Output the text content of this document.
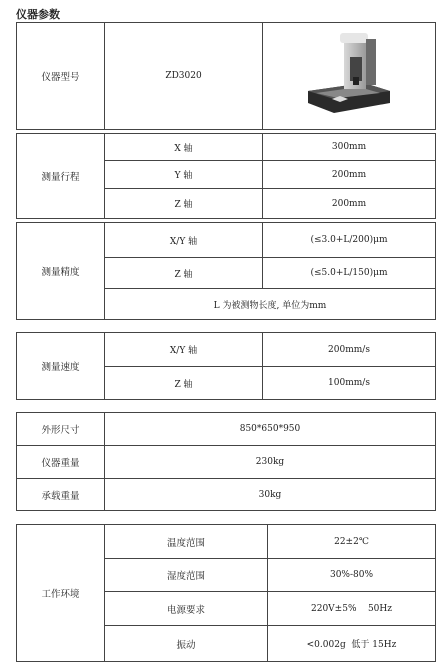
仪器参数
仪器型号	ZD3020
测量行程
X 轴	300mm
Y 轴	200mm
Z 轴	200mm
测量精度
X/Y 轴	(≤3.0+L/200)μm
Z 轴	(≤5.0+L/150)μm
L 为被测物长度, 单位为mm
测量速度
X/Y 轴	200mm/s
Z 轴	100mm/s
外形尺寸	850*650*950
仪器重量	230kg
承载重量	30kg
工作环境
温度范围	22±2℃
湿度范围	30%-80%
电源要求	220V±5%    50Hz
振动	<0.002g  低于 15Hz
